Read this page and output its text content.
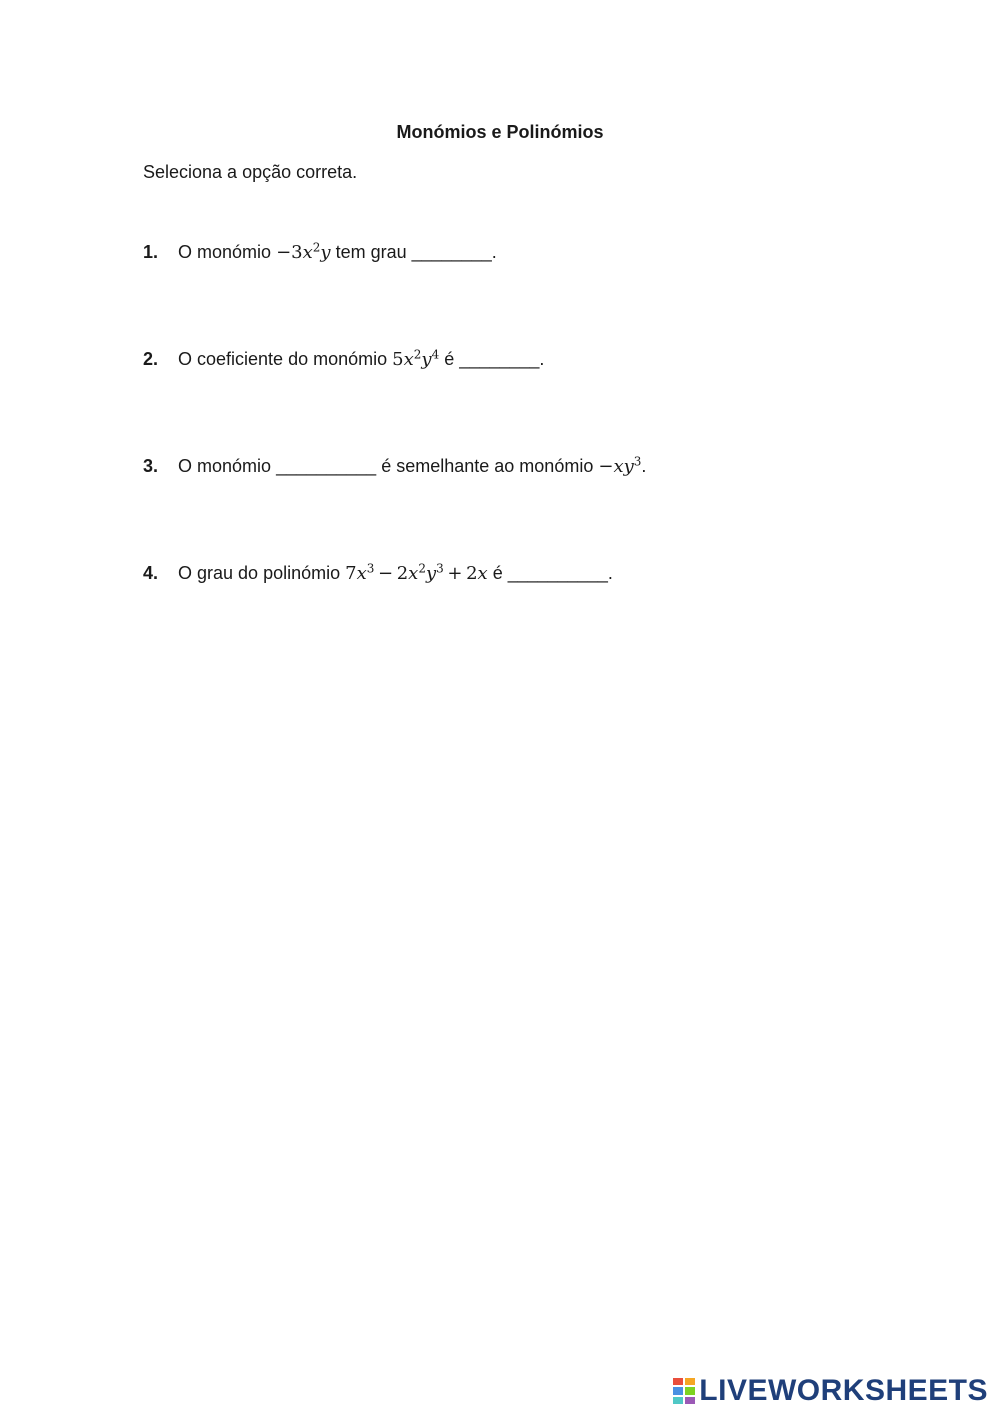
Monómios e Polinómios
Seleciona a opção correta.
1. O monómio $-3x^2y$ tem grau ________.
2. O coeficiente do monómio $5x^2y^4$ é ________.
3. O monómio __________ é semelhante ao monómio $-xy^3$.
4. O grau do polinómio $7x^3 - 2x^2y^3 + 2x$ é __________.
LIVEWORKSHEETS
